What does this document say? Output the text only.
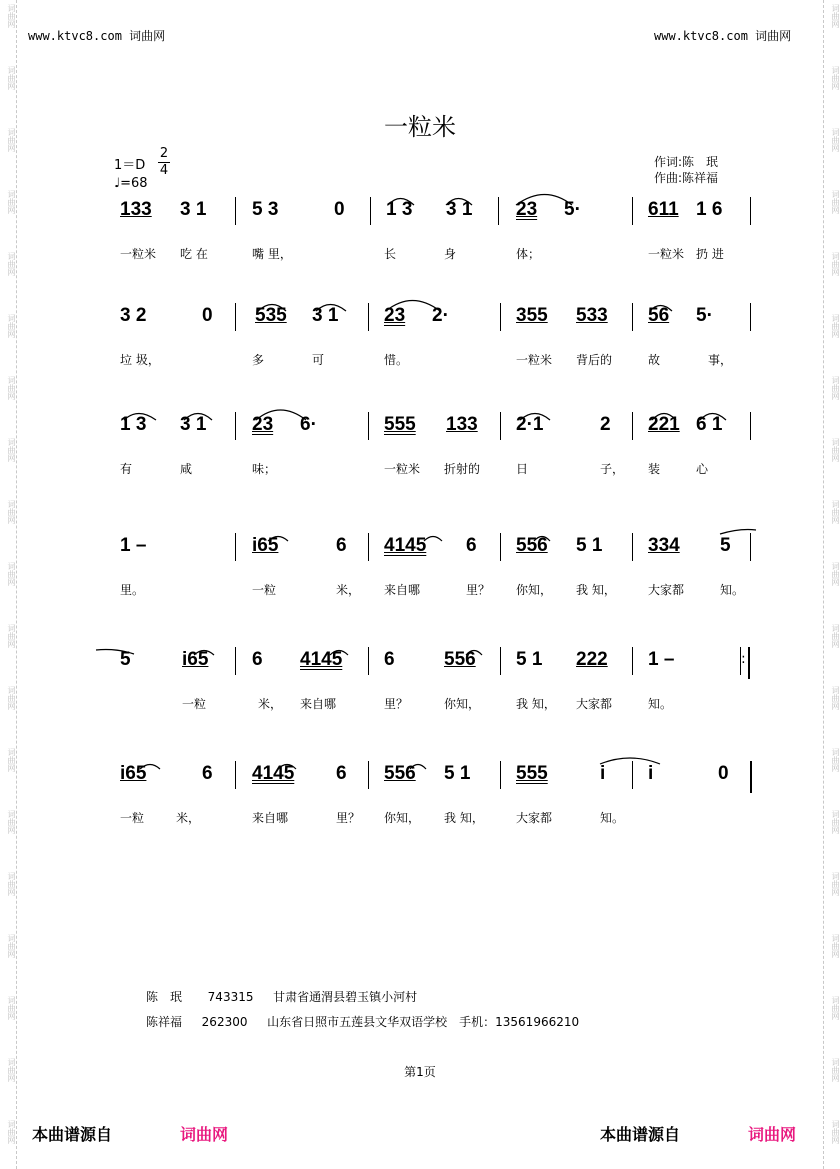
词曲网
词曲网
词曲网
词曲网
词曲网
词曲网
词曲网
词曲网
词曲网
词曲网
词曲网
词曲网
词曲网
词曲网
词曲网
词曲网
词曲网
词曲网
词曲网
词曲网
词曲网
词曲网
词曲网
词曲网
词曲网
词曲网
词曲网
词曲网
词曲网
词曲网
词曲网
词曲网
词曲网
词曲网
词曲网
词曲网
词曲网
词曲网
www.ktvc8.com 词曲网	www.ktvc8.com 词曲网
一粒米
$1=D \frac{2}{4}$
♩=68
作词:陈　珉
作曲:陈祥福
133 3 1 5 3	0 1 3 3 1 23 5·	611 1 6
一粒米 吃 在	嘴 里，	长	身	体；	一粒米 扔 进
3 2	0 535 3 1 23 2·	355 533 56 5·
垃 圾，	多	可	惜。	一粒米 背后的	故	事，
1 3 3 1 23 6·	555 133 2·1	2 221 6 1
有	咸	味；	一粒米 折射的	日	子， 装	心
1 –	i65	6 4145 6 556 5 1 334 5
里。	一粒	米， 来自哪	里？ 你知， 我 知，	大家都	知。
5	i65 6 4145 6	556 5 1 222 1 –
一粒	米， 来自哪	里？	你知，	我 知， 大家都	知。
i65	6 4145 6 556 5 1 555	i i	0
一粒	米，	来自哪	里？ 你知， 我 知，	大家都	知。
:
陈　珉 743315 甘肃省通渭县碧玉镇小河村
陈祥福 262300 山东省日照市五莲县文华双语学校　手机：13561966210
第1页
本曲谱源自	词曲网	本曲谱源自	词曲网
